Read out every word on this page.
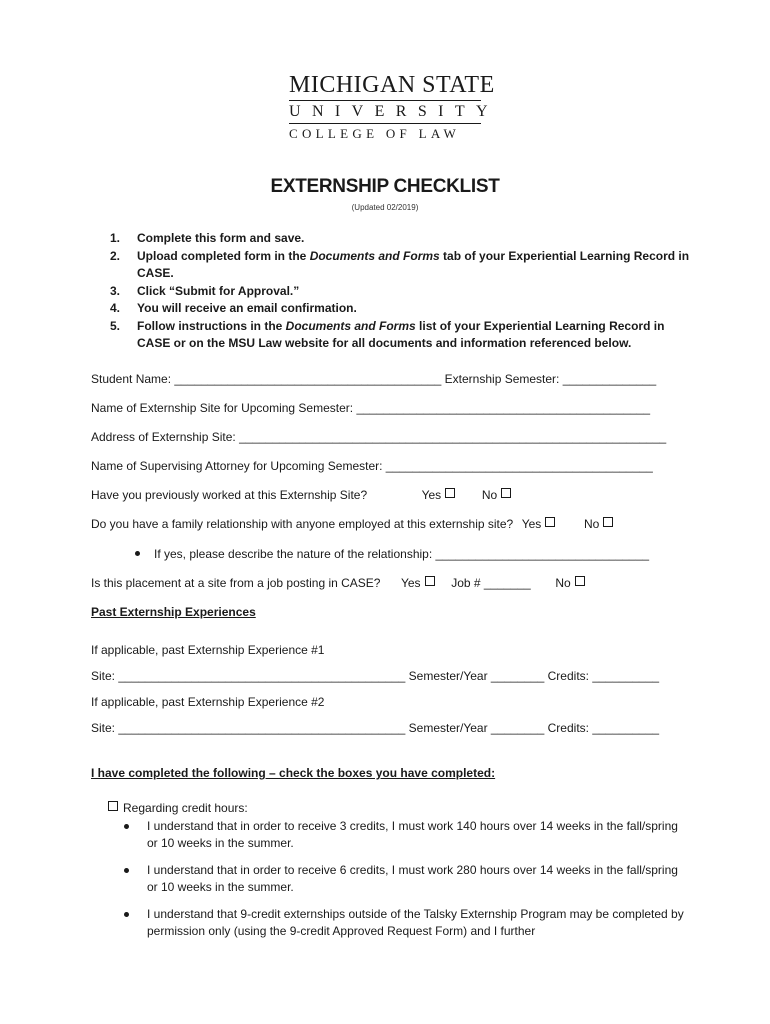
MICHIGAN STATE
UNIVERSITY
COLLEGE OF LAW
EXTERNSHIP CHECKLIST
(Updated 02/2019)
1. Complete this form and save.
2. Upload completed form in the Documents and Forms tab of your Experiential Learning Record in CASE.
3. Click “Submit for Approval.”
4. You will receive an email confirmation.
5. Follow instructions in the Documents and Forms list of your Experiential Learning Record in CASE or on the MSU Law website for all documents and information referenced below.
Student Name: ________________________________________ Externship Semester: ______________
Name of Externship Site for Upcoming Semester: ____________________________________________
Address of Externship Site: ________________________________________________________________
Name of Supervising Attorney for Upcoming Semester: ________________________________________
Have you previously worked at this Externship Site?	Yes	No
Do you have a family relationship with anyone employed at this externship site? Yes	No
If yes, please describe the nature of the relationship: ________________________________
Is this placement at a site from a job posting in CASE? Yes	Job # _______ No
Past Externship Experiences
If applicable, past Externship Experience #1
Site: ___________________________________________ Semester/Year ________ Credits: __________
If applicable, past Externship Experience #2
Site: ___________________________________________ Semester/Year ________ Credits: __________
I have completed the following – check the boxes you have completed:
Regarding credit hours:
I understand that in order to receive 3 credits, I must work 140 hours over 14 weeks in the fall/spring or 10 weeks in the summer.
I understand that in order to receive 6 credits, I must work 280 hours over 14 weeks in the fall/spring or 10 weeks in the summer.
I understand that 9-credit externships outside of the Talsky Externship Program may be completed by permission only (using the 9-credit Approved Request Form) and I further
